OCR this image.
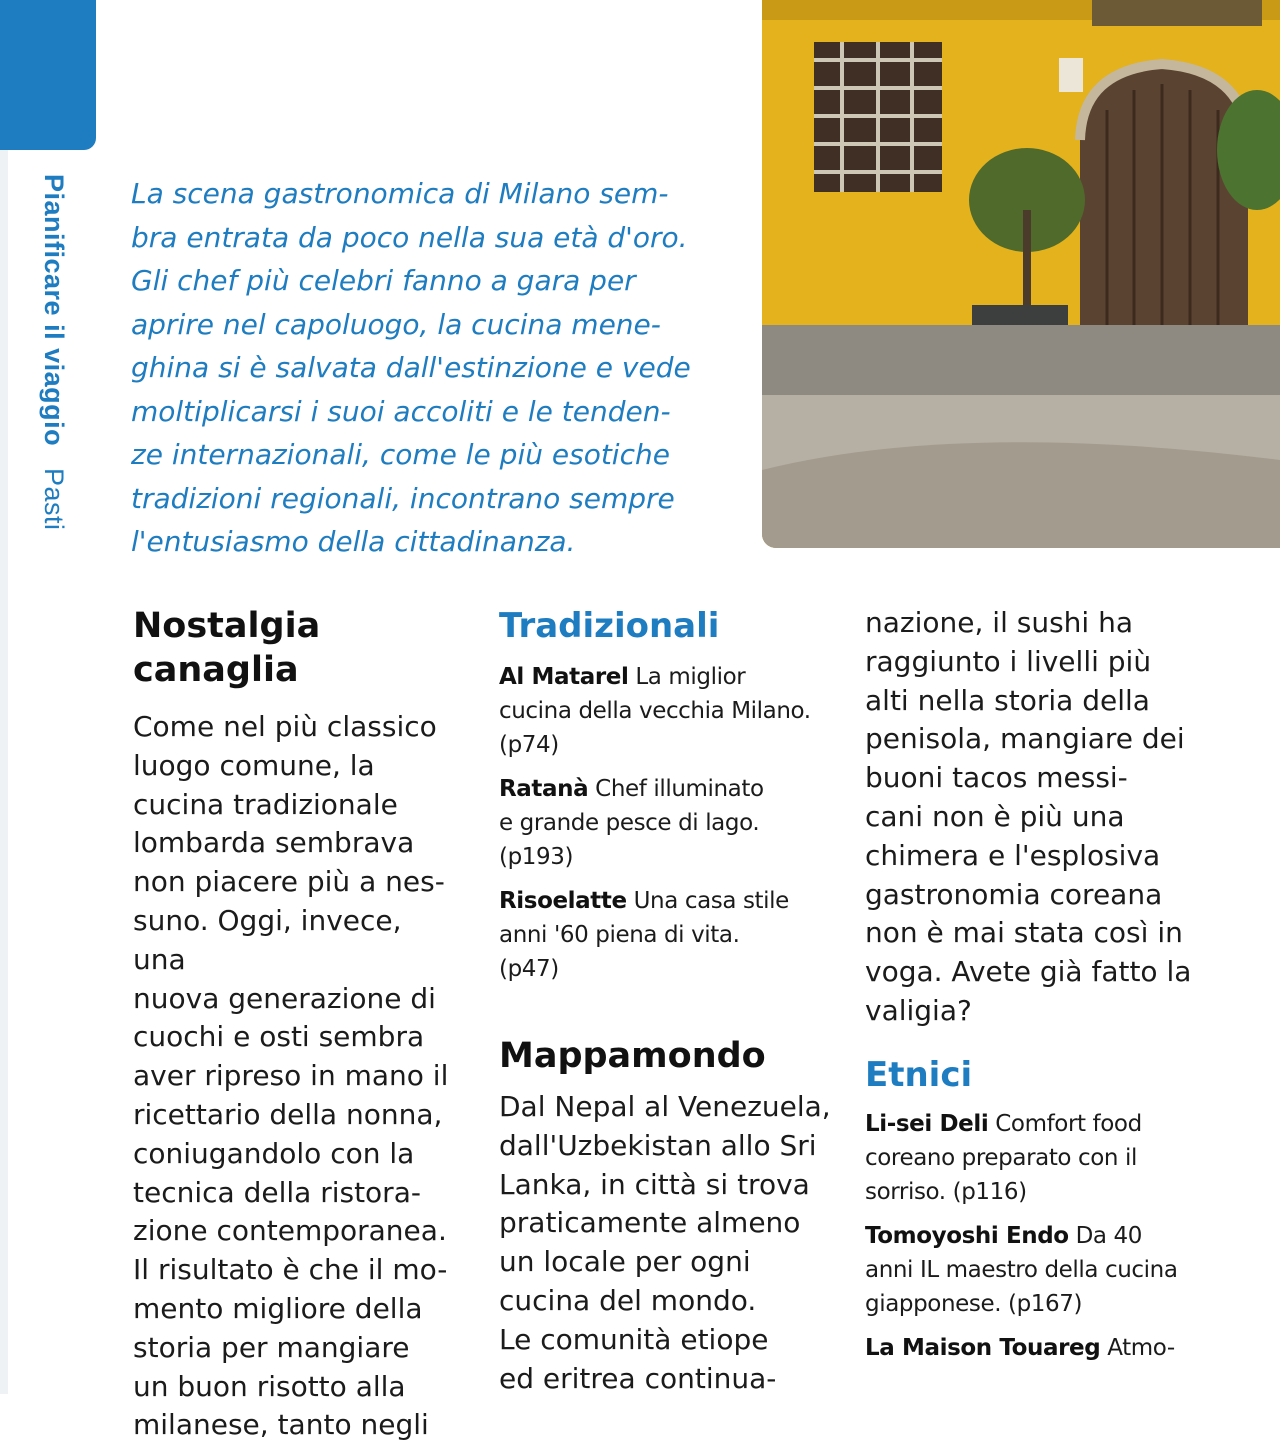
Pianificare il viaggio Pasti
La scena gastronomica di Milano sem-
bra entrata da poco nella sua età d'oro.
Gli chef più celebri fanno a gara per
aprire nel capoluogo, la cucina mene-
ghina si è salvata dall'estinzione e vede
moltiplicarsi i suoi accoliti e le tenden-
ze internazionali, come le più esotiche
tradizioni regionali, incontrano sempre
l'entusiasmo della cittadinanza.
Nostalgia
canaglia
Come nel più classico
luogo comune, la
cucina tradizionale
lombarda sembrava
non piacere più a nes-
suno. Oggi, invece, una
nuova generazione di
cuochi e osti sembra
aver ripreso in mano il
ricettario della nonna,
coniugandolo con la
tecnica della ristora-
zione contemporanea.
Il risultato è che il mo-
mento migliore della
storia per mangiare
un buon risotto alla
milanese, tanto negli
Tradizionali
Al Matarel La miglior
cucina della vecchia Milano.
(p74)
Ratanà Chef illuminato
e grande pesce di lago.
(p193)
Risoelatte Una casa stile
anni '60 piena di vita.
(p47)
Mappamondo
Dal Nepal al Venezuela,
dall'Uzbekistan allo Sri
Lanka, in città si trova
praticamente almeno
un locale per ogni
cucina del mondo.
Le comunità etiope
ed eritrea continua-
nazione, il sushi ha
raggiunto i livelli più
alti nella storia della
penisola, mangiare dei
buoni tacos messi-
cani non è più una
chimera e l'esplosiva
gastronomia coreana
non è mai stata così in
voga. Avete già fatto la
valigia?
Etnici
Li-sei Deli Comfort food
coreano preparato con il
sorriso. (p116)
Tomoyoshi Endo Da 40
anni IL maestro della cucina
giapponese. (p167)
La Maison Touareg Atmo-
